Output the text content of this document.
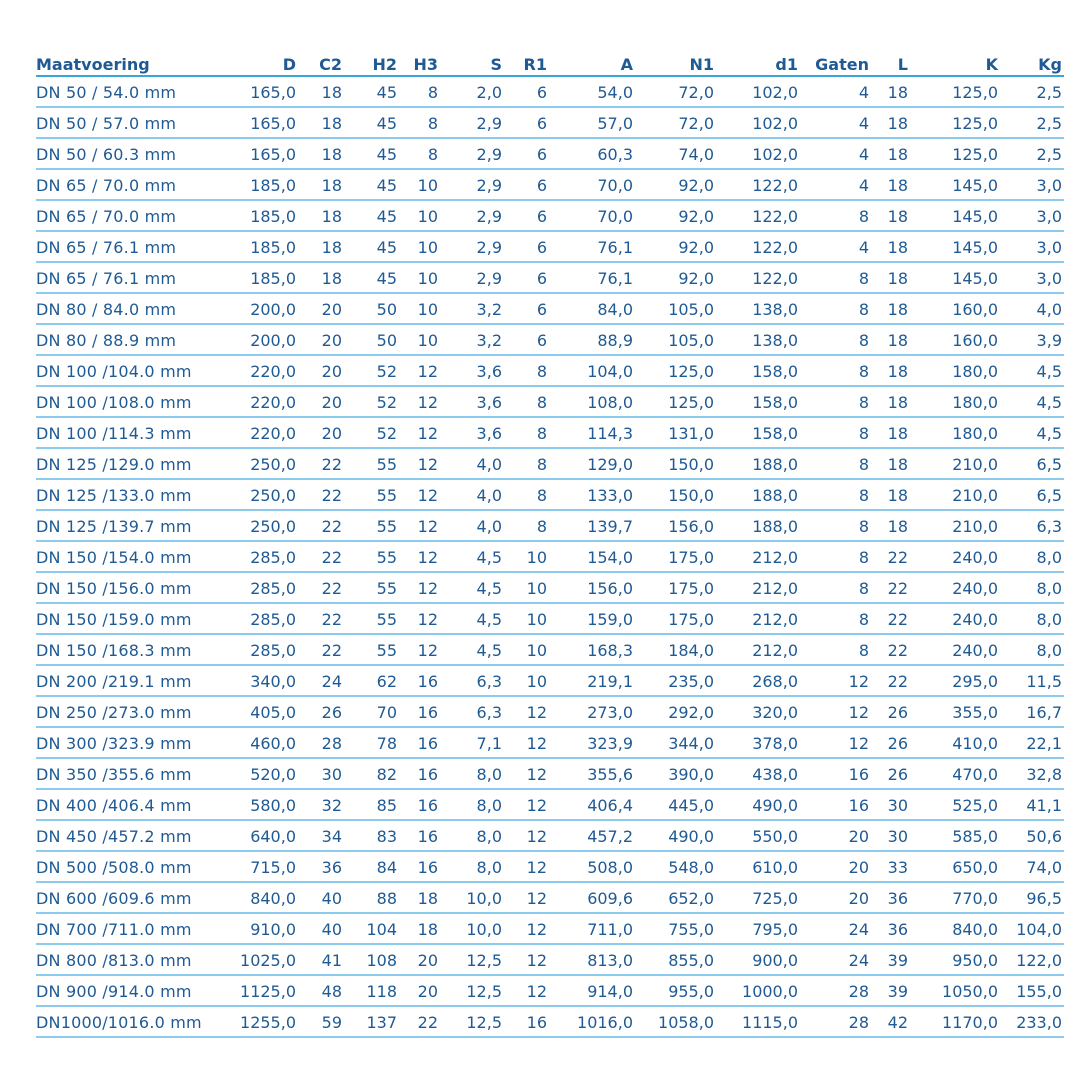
Maatvoering	D	C2	H2	H3	S	R1	A	N1	d1	Gaten	L	K	Kg
DN 50 / 54.0 mm	165,0	18	45	8	2,0	6	54,0	72,0	102,0	4	18	125,0	2,5
DN 50 / 57.0 mm	165,0	18	45	8	2,9	6	57,0	72,0	102,0	4	18	125,0	2,5
DN 50 / 60.3 mm	165,0	18	45	8	2,9	6	60,3	74,0	102,0	4	18	125,0	2,5
DN 65 / 70.0 mm	185,0	18	45	10	2,9	6	70,0	92,0	122,0	4	18	145,0	3,0
DN 65 / 70.0 mm	185,0	18	45	10	2,9	6	70,0	92,0	122,0	8	18	145,0	3,0
DN 65 / 76.1 mm	185,0	18	45	10	2,9	6	76,1	92,0	122,0	4	18	145,0	3,0
DN 65 / 76.1 mm	185,0	18	45	10	2,9	6	76,1	92,0	122,0	8	18	145,0	3,0
DN 80 / 84.0 mm	200,0	20	50	10	3,2	6	84,0	105,0	138,0	8	18	160,0	4,0
DN 80 / 88.9 mm	200,0	20	50	10	3,2	6	88,9	105,0	138,0	8	18	160,0	3,9
DN 100 /104.0 mm	220,0	20	52	12	3,6	8	104,0	125,0	158,0	8	18	180,0	4,5
DN 100 /108.0 mm	220,0	20	52	12	3,6	8	108,0	125,0	158,0	8	18	180,0	4,5
DN 100 /114.3 mm	220,0	20	52	12	3,6	8	114,3	131,0	158,0	8	18	180,0	4,5
DN 125 /129.0 mm	250,0	22	55	12	4,0	8	129,0	150,0	188,0	8	18	210,0	6,5
DN 125 /133.0 mm	250,0	22	55	12	4,0	8	133,0	150,0	188,0	8	18	210,0	6,5
DN 125 /139.7 mm	250,0	22	55	12	4,0	8	139,7	156,0	188,0	8	18	210,0	6,3
DN 150 /154.0 mm	285,0	22	55	12	4,5	10	154,0	175,0	212,0	8	22	240,0	8,0
DN 150 /156.0 mm	285,0	22	55	12	4,5	10	156,0	175,0	212,0	8	22	240,0	8,0
DN 150 /159.0 mm	285,0	22	55	12	4,5	10	159,0	175,0	212,0	8	22	240,0	8,0
DN 150 /168.3 mm	285,0	22	55	12	4,5	10	168,3	184,0	212,0	8	22	240,0	8,0
DN 200 /219.1 mm	340,0	24	62	16	6,3	10	219,1	235,0	268,0	12	22	295,0	11,5
DN 250 /273.0 mm	405,0	26	70	16	6,3	12	273,0	292,0	320,0	12	26	355,0	16,7
DN 300 /323.9 mm	460,0	28	78	16	7,1	12	323,9	344,0	378,0	12	26	410,0	22,1
DN 350 /355.6 mm	520,0	30	82	16	8,0	12	355,6	390,0	438,0	16	26	470,0	32,8
DN 400 /406.4 mm	580,0	32	85	16	8,0	12	406,4	445,0	490,0	16	30	525,0	41,1
DN 450 /457.2 mm	640,0	34	83	16	8,0	12	457,2	490,0	550,0	20	30	585,0	50,6
DN 500 /508.0 mm	715,0	36	84	16	8,0	12	508,0	548,0	610,0	20	33	650,0	74,0
DN 600 /609.6 mm	840,0	40	88	18	10,0	12	609,6	652,0	725,0	20	36	770,0	96,5
DN 700 /711.0 mm	910,0	40	104	18	10,0	12	711,0	755,0	795,0	24	36	840,0	104,0
DN 800 /813.0 mm	1025,0	41	108	20	12,5	12	813,0	855,0	900,0	24	39	950,0	122,0
DN 900 /914.0 mm	1125,0	48	118	20	12,5	12	914,0	955,0	1000,0	28	39	1050,0	155,0
DN1000/1016.0 mm	1255,0	59	137	22	12,5	16	1016,0	1058,0	1115,0	28	42	1170,0	233,0
